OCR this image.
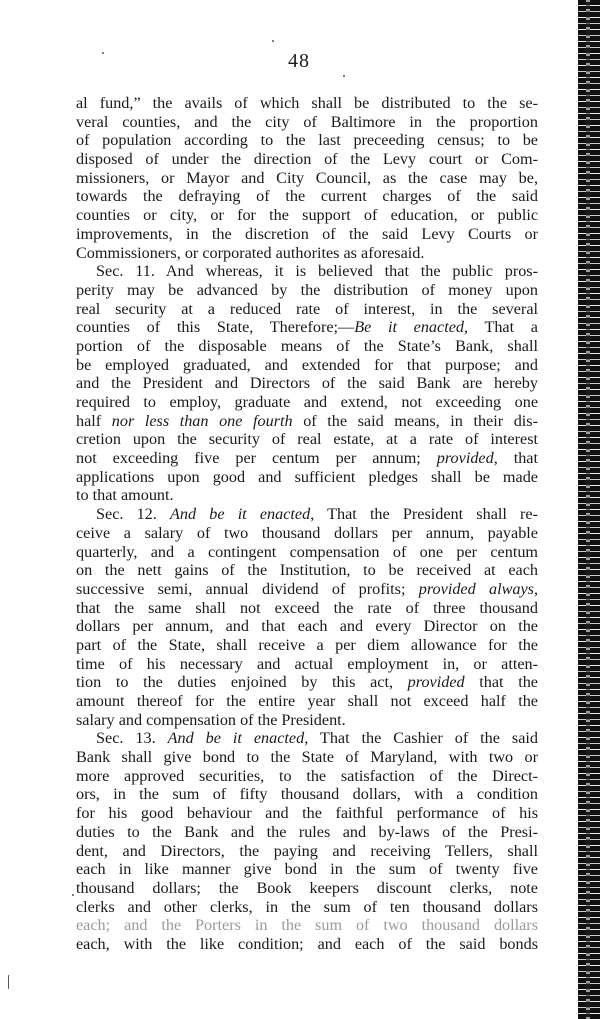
48
al fund,” the avails of which shall be distributed to the se-
veral counties, and the city of Baltimore in the proportion
of population according to the last preceeding census; to be
disposed of under the direction of the Levy court or Com-
missioners, or Mayor and City Council, as the case may be,
towards the defraying of the current charges of the said
counties or city, or for the support of education, or public
improvements, in the discretion of the said Levy Courts or
Commissioners, or corporated authorites as aforesaid.
Sec. 11. And whereas, it is believed that the public pros-
perity may be advanced by the distribution of money upon
real security at a reduced rate of interest, in the several
counties of this State, Therefore;—Be it enacted, That a
portion of the disposable means of the State’s Bank, shall
be employed graduated, and extended for that purpose; and
and the President and Directors of the said Bank are hereby
required to employ, graduate and extend, not exceeding one
half nor less than one fourth of the said means, in their dis-
cretion upon the security of real estate, at a rate of interest
not exceeding five per centum per annum; provided, that
applications upon good and sufficient pledges shall be made
to that amount.
Sec. 12. And be it enacted, That the President shall re-
ceive a salary of two thousand dollars per annum, payable
quarterly, and a contingent compensation of one per centum
on the nett gains of the Institution, to be received at each
successive semi, annual dividend of profits; provided always,
that the same shall not exceed the rate of three thousand
dollars per annum, and that each and every Director on the
part of the State, shall receive a per diem allowance for the
time of his necessary and actual employment in, or atten-
tion to the duties enjoined by this act, provided that the
amount thereof for the entire year shall not exceed half the
salary and compensation of the President.
Sec. 13. And be it enacted, That the Cashier of the said
Bank shall give bond to the State of Maryland, with two or
more approved securities, to the satisfaction of the Direct-
ors, in the sum of fifty thousand dollars, with a condition
for his good behaviour and the faithful performance of his
duties to the Bank and the rules and by-laws of the Presi-
dent, and Directors, the paying and receiving Tellers, shall
each in like manner give bond in the sum of twenty five
thousand dollars; the Book keepers discount clerks, note
clerks and other clerks, in the sum of ten thousand dollars
each; and the Porters in the sum of two thousand dollars
each, with the like condition; and each of the said bonds
